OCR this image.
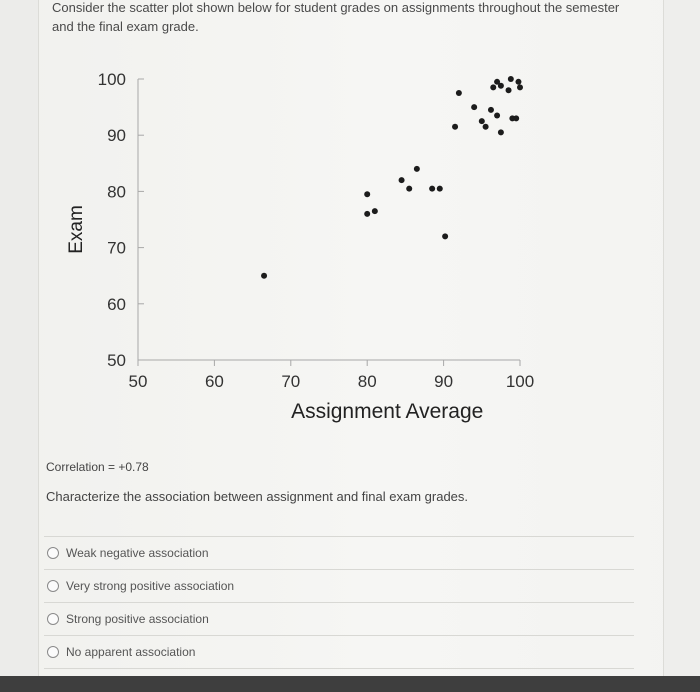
Consider the scatter plot shown below for student grades on assignments throughout the semester and the final exam grade.
50
60
70
80
90
100
50	60	70	80	90	100
Exam
Assignment Average
Correlation = +0.78
Characterize the association between assignment and final exam grades.
Weak negative association
Very strong positive association
Strong positive association
No apparent association
